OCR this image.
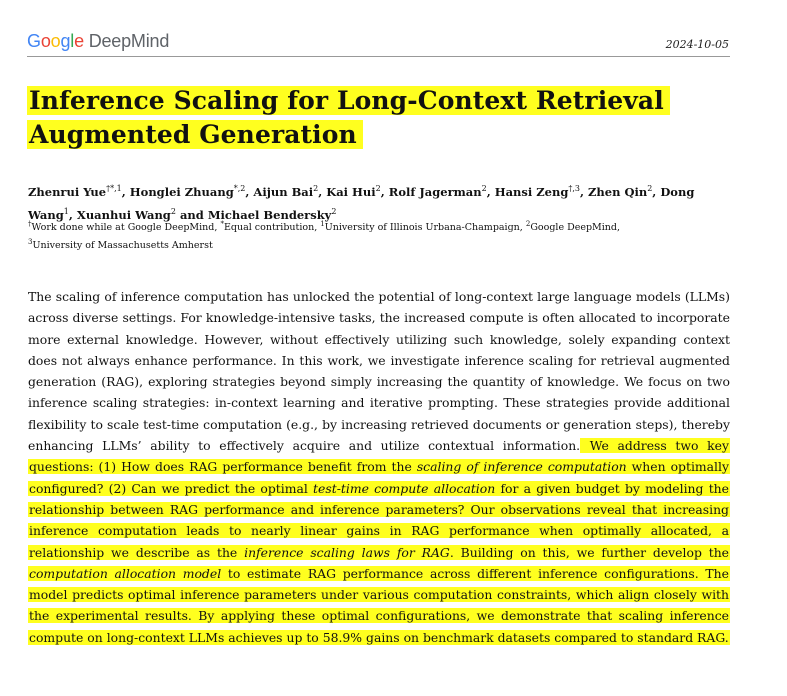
Google DeepMind	2024-10-05
Inference Scaling for Long-Context Retrieval Augmented Generation
Zhenrui Yue$^{\dagger*,1}$, Honglei Zhuang$^{*,2}$, Aijun Bai$^2$, Kai Hui$^2$, Rolf Jagerman$^2$, Hansi Zeng$^{\dagger,3}$, Zhen Qin$^2$, Dong Wang$^1$, Xuanhui Wang$^2$ and Michael Bendersky$^2$
†Work done while at Google DeepMind, *Equal contribution, $^1$University of Illinois Urbana-Champaign, $^2$Google DeepMind,
$^3$University of Massachusetts Amherst

The scaling of inference computation has unlocked the potential of long-context large language models (LLMs) across diverse settings. For knowledge-intensive tasks, the increased compute is often allocated to incorporate more external knowledge. However, without effectively utilizing such knowledge, solely expanding context does not always enhance performance. In this work, we investigate inference scaling for retrieval augmented generation (RAG), exploring strategies beyond simply increasing the quantity of knowledge. We focus on two inference scaling strategies: in-context learning and iterative prompting. These strategies provide additional flexibility to scale test-time computation (e.g., by increasing retrieved documents or generation steps), thereby enhancing LLMs’ ability to effectively acquire and utilize contextual information. We address two key questions: (1) How does RAG performance benefit from the scaling of inference computation when optimally configured? (2) Can we predict the optimal test-time compute allocation for a given budget by modeling the relationship between RAG performance and inference parameters? Our observations reveal that increasing inference computation leads to nearly linear gains in RAG performance when optimally allocated, a relationship we describe as the inference scaling laws for RAG. Building on this, we further develop the computation allocation model to estimate RAG performance across different inference configurations. The model predicts optimal inference parameters under various computation constraints, which align closely with the experimental results. By applying these optimal configurations, we demonstrate that scaling inference compute on long-context LLMs achieves up to 58.9% gains on benchmark datasets compared to standard RAG.
